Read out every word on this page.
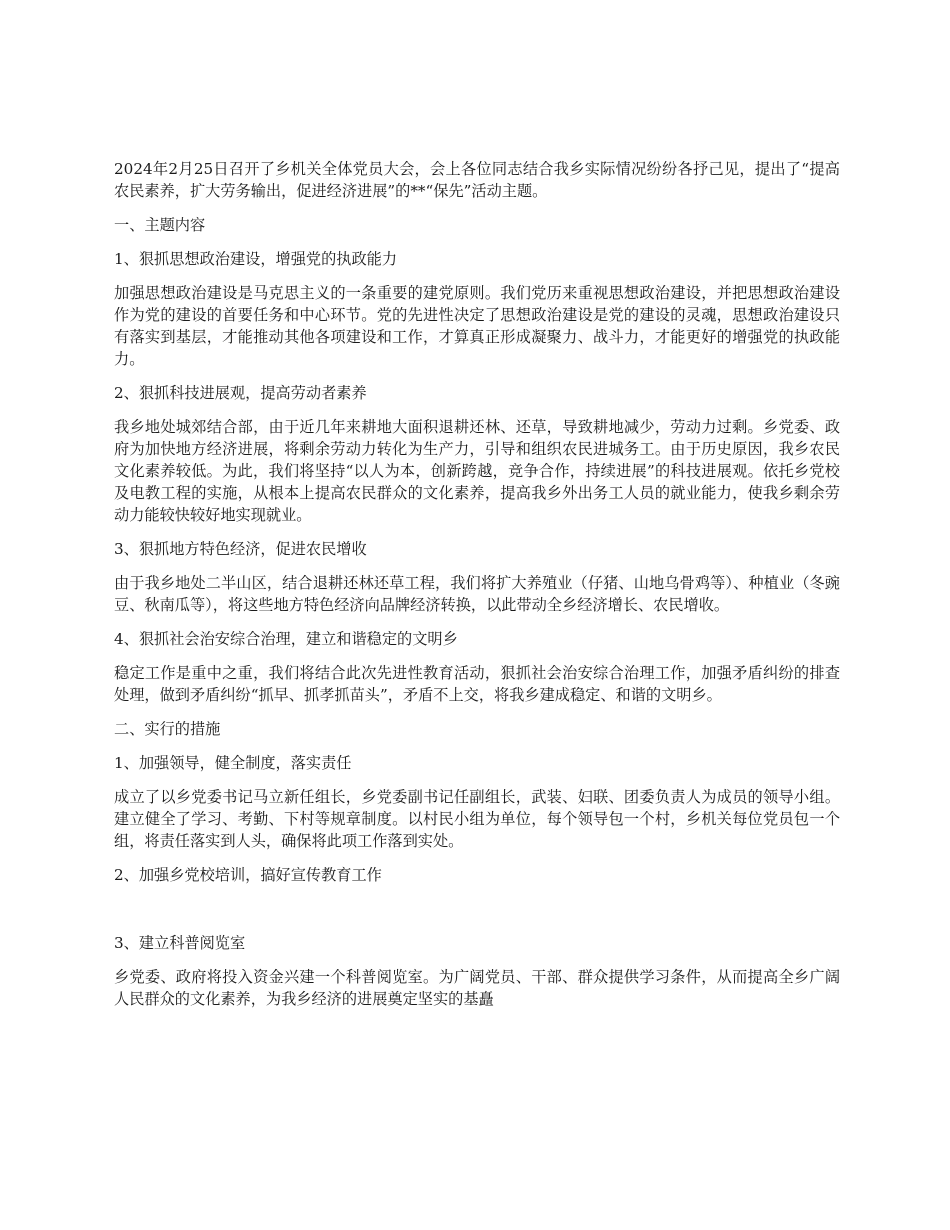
2024年2月25日召开了乡机关全体党员大会，会上各位同志结合我乡实际情况纷纷各抒己见，提出了“提高农民素养，扩大劳务输出，促进经济进展”的**“保先”活动主题。

一、主题内容

1、狠抓思想政治建设，增强党的执政能力

加强思想政治建设是马克思主义的一条重要的建党原则。我们党历来重视思想政治建设，并把思想政治建设作为党的建设的首要任务和中心环节。党的先进性决定了思想政治建设是党的建设的灵魂，思想政治建设只有落实到基层，才能推动其他各项建设和工作，才算真正形成凝聚力、战斗力，才能更好的增强党的执政能力。

2、狠抓科技进展观，提高劳动者素养

我乡地处城郊结合部，由于近几年来耕地大面积退耕还林、还草，导致耕地减少，劳动力过剩。乡党委、政府为加快地方经济进展，将剩余劳动力转化为生产力，引导和组织农民进城务工。由于历史原因，我乡农民文化素养较低。为此，我们将坚持“以人为本，创新跨越，竞争合作，持续进展”的科技进展观。依托乡党校及电教工程的实施，从根本上提高农民群众的文化素养，提高我乡外出务工人员的就业能力，使我乡剩余劳动力能较快较好地实现就业。

3、狠抓地方特色经济，促进农民增收

由于我乡地处二半山区，结合退耕还林还草工程，我们将扩大养殖业（仔猪、山地乌骨鸡等）、种植业（冬豌豆、秋南瓜等），将这些地方特色经济向品牌经济转换，以此带动全乡经济增长、农民增收。

4、狠抓社会治安综合治理，建立和谐稳定的文明乡

稳定工作是重中之重，我们将结合此次先进性教育活动，狠抓社会治安综合治理工作，加强矛盾纠纷的排查处理，做到矛盾纠纷“抓早、抓孝抓苗头”，矛盾不上交，将我乡建成稳定、和谐的文明乡。

二、实行的措施

1、加强领导，健全制度，落实责任

成立了以乡党委书记马立新任组长，乡党委副书记任副组长，武装、妇联、团委负责人为成员的领导小组。建立健全了学习、考勤、下村等规章制度。以村民小组为单位，每个领导包一个村，乡机关每位党员包一个组，将责任落实到人头，确保将此项工作落到实处。

2、加强乡党校培训，搞好宣传教育工作

3、建立科普阅览室

乡党委、政府将投入资金兴建一个科普阅览室。为广阔党员、干部、群众提供学习条件，从而提高全乡广阔人民群众的文化素养，为我乡经济的进展奠定坚实的基矗
